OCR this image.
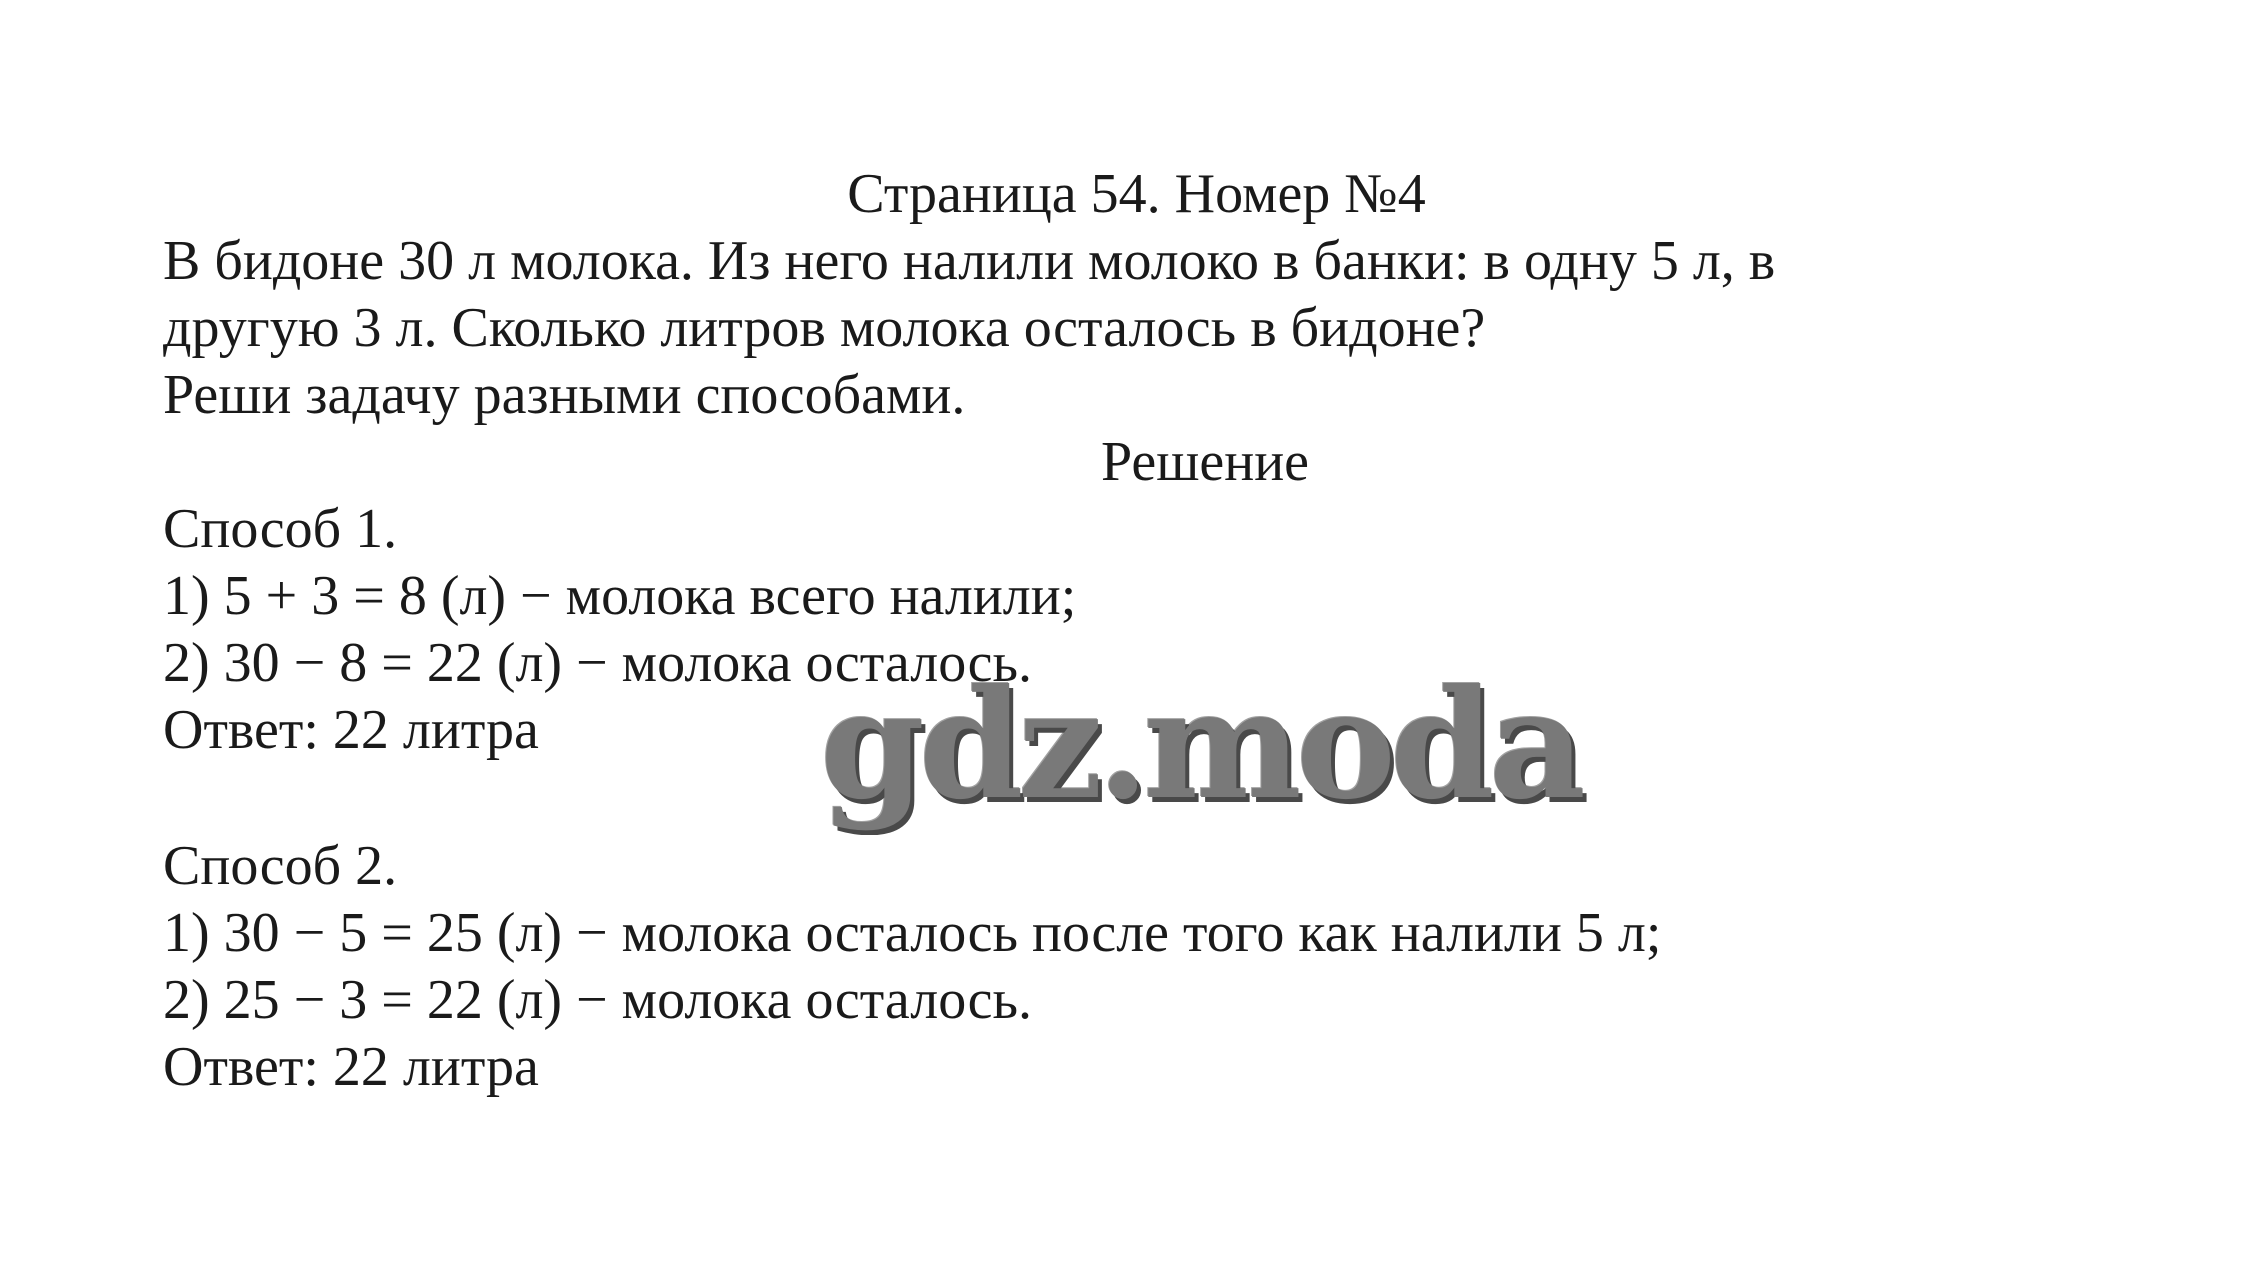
Страница 54. Номер №4
В бидоне 30 л молока. Из него налили молоко в банки: в одну 5 л, в
другую 3 л. Сколько литров молока осталось в бидоне?
Реши задачу разными способами.
Решение
Способ 1.
1) 5 + 3 = 8 (л) − молока всего налили;
2) 30 − 8 = 22 (л) − молока осталось.
Ответ: 22 литра
Способ 2.
1) 30 − 5 = 25 (л) − молока осталось после того как налили 5 л;
2) 25 − 3 = 22 (л) − молока осталось.
Ответ: 22 литра
gdz.moda
